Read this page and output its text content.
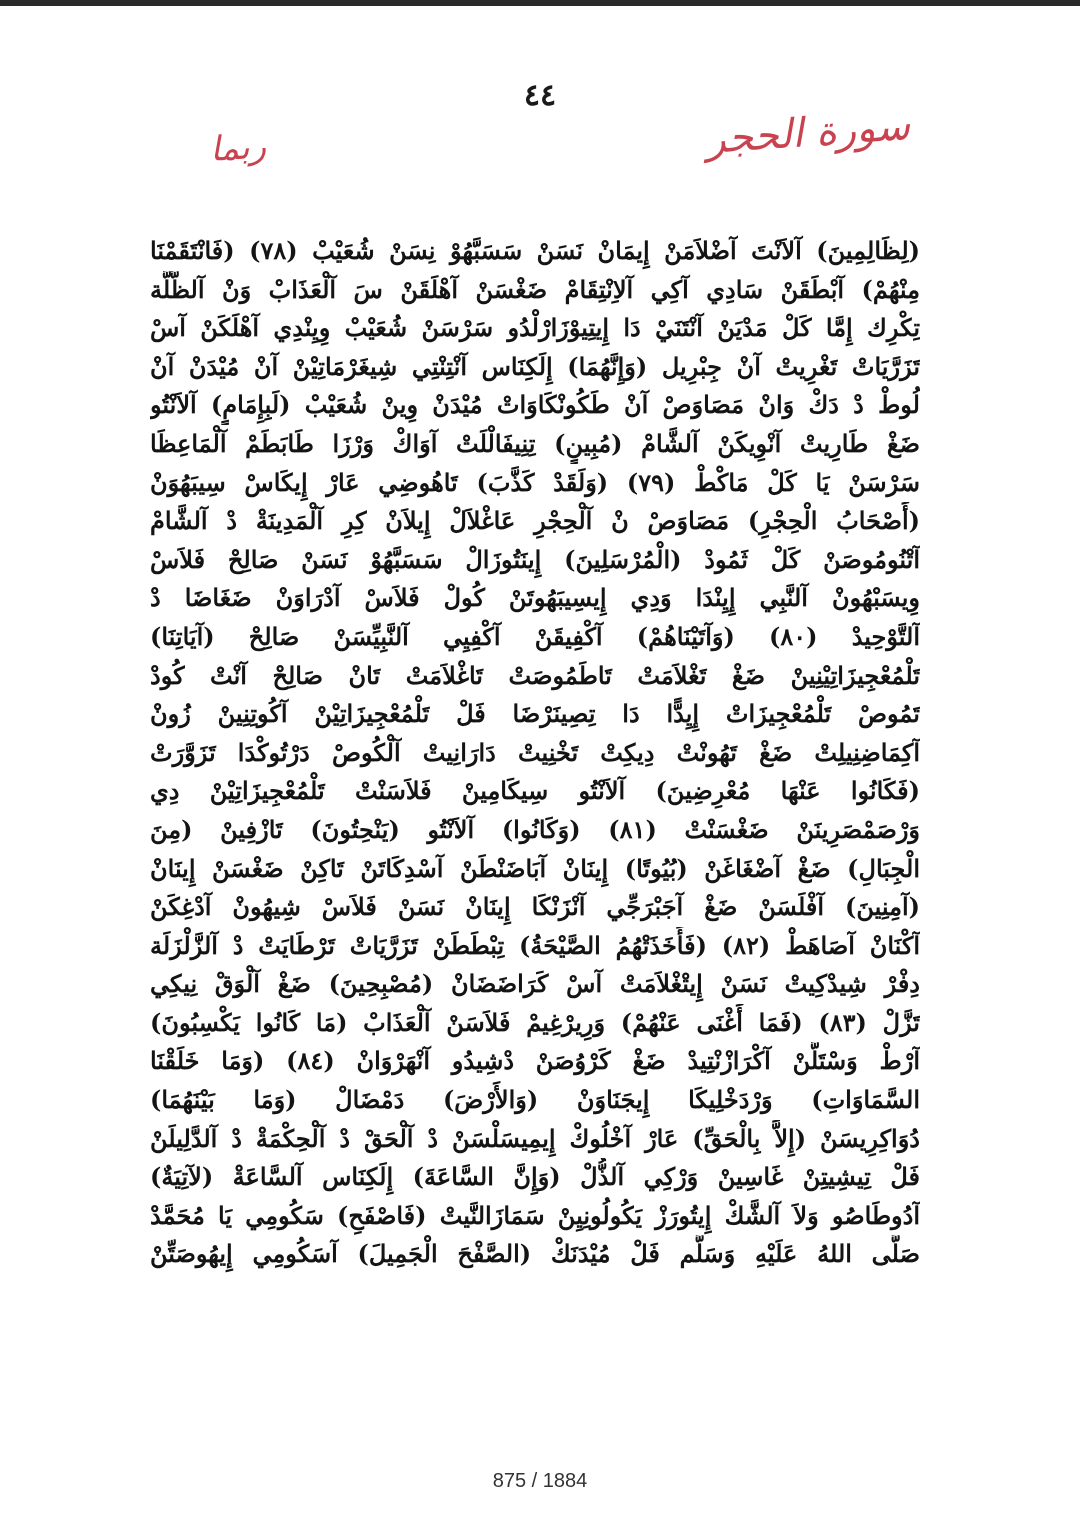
٤٤
سورة الحجر
ربما
(لِظَالِمِينَ) آلاَنْتَ آضْلاَمَنْ إِيمَانْ نَسَنْ سَسَبَّهُوْ نِسَنْ شُعَيْبْ (٧٨) (فَانْتَقَمْنَا
مِنْهُمْ) آبْطَقَنْ سَادِي آكِي آلاِنْتِقَامْ ضَغْسَنْ آهْلَقَنْ سَ آلْعَذَابْ وَنْ آلظُّلَّة
تِكْرِك إِمَّا كَلْ مَدْيَنْ آنْتَنَيْ دَا إِيتِيوْزَارْلْدُو سَرْسَنْ شُعَيْبْ وِيِنْدِي آهْلَكَنْ آسْ
تَزَرَّيَاتْ تَغْرِيتْ آنْ جِبْرِيل (وَإِنَّهُمَا) إِلَكِنَاس آنْتِنْتِي شِيغَرْمَاتِيْنْ آنْ مُيْدَنْ آنْ
لُوطْ دْ دَكْ وَانْ مَصَاوَصْ آنْ طَكُونْكَاوَاتْ مُيْدَنْ وِينْ شُعَيْبْ (لَبِإِمَامٍ) آلاَنْتُو
ضَغْ طَارِيتْ آنْوِيكَنْ آلشَّامْ (مُبِينٍ) تِنِيفَالْلَتْ آوَاكْ وَرْزَا طَابَطَمْ آلْمَاعِظَا
سَرْسَنْ يَا كَلْ مَاكْطْ (٧٩) (وَلَقَدْ كَذَّبَ) تَاهُوضِي عَارْ إِيكَاسْ سِيبَهُوَنْ
(أَصْحَابُ الْحِجْرِ) مَصَاوَصْ نْ آلْحِجْرِ عَاغْلاَلْ إِيلاَنْ كِرِ آلْمَدِينَةْ دْ آلشَّامْ
آتْنُومُوصَنْ كَلْ ثَمُودْ (الْمُرْسَلِينَ) إِينَتُوزَالْ سَسَبَّهُوْ نَسَنْ صَالِحْ فَلاَسْ
وِيسَبْهُونْ آلنَّبِي إِيِنْدَا وَدِي إِيسِيبَهُوتَنْ كُولْ فَلاَسْ آدْرَاوَنْ ضَغَاضَا دْ
آلتَّوْحِيدْ (٨٠) (وَآتَيْنَاهُمْ) آكْفِيقَنْ آكْفِيِي آلنَّبِيِّسَنْ صَالِحْ (آيَاتِنَا)
تَلْمُعْجِيزَاتِيْنِينْ ضَغْ تَغْلاَمَتْ تَاطَمُوصَتْ تَاغْلاَمَتْ تَانْ صَالِحْ آنْتْ كُودْ
تَمُوصْ تَلْمُعْجِيزَاتْ إِيِدًّا دَا تِصِينَرْضَا فَلْ تَلْمُعْجِيزَاتِيْنْ آكُوتِنِينْ زُونْ
آكِمَاضِنِيلِتْ ضَغْ تَهُونْتْ دِيكِتْ تَخْنِيتْ دَارَانِيتْ آلْكُوصْ دَرْتُوكْدَا تَزَوَّرَتْ
(فَكَانُوا عَنْهَا مُعْرِضِينَ) آلاَنْتُو سِيكَامِينْ فَلاَسَنْتْ تَلْمُعْجِيزَاتِيْنْ دِي
وَرْصَمْصَرِينَنْ ضَغْسَنْتْ (٨١) (وَكَانُوا) آلاَنْتُو (يَنْحِتُونَ) تَازْفِينْ (مِنَ
الْجِبَالِ) ضَغْ آضْغَاغَنْ (بُيُوتًا) إِينَانْ آبَاضَنْطَنْ آسْدِكَاتَنْ تَاكِنْ ضَغْسَنْ إِينَانْ
(آمِنِينَ) آفْلَسَنْ ضَغْ آجَبْرَجِّي آنْزَنْكَا إِينَانْ نَسَنْ فَلاَسْ شِيهُونْ آدْغِكَنْ
آكْنَانْ آصَاهَطْ (٨٢) (فَأَخَذَتْهُمُ الصَّيْحَةُ) تِبْطَطَنْ تَزَرَّيَاتْ تَرْطَايَتْ دْ آلزَّلْزَلَة
دِفْرْ شِيدْكِيتْ نَسَنْ إِيتْغْلاَمَتْ آسْ كَرَاضَضَانْ (مُصْبِحِينَ) ضَغْ آلْوَقْ نِيكِي
تَزَّلْ (٨٣) (فَمَا أَغْنَى عَنْهُمْ) وَرِيرْغِيمْ فَلاَسَنْ آلْعَذَابْ (مَا كَانُوا يَكْسِبُونَ)
آرْطْ وَسْتَلَّنْ آكْرَازْنْتِيدْ ضَغْ كَرْوُصَنْ دْشِيدُو آنْهَرْوَانْ (٨٤) (وَمَا خَلَقْنَا
السَّمَاوَاتِ) وَرْدَخْلِيكَا إِيجَنَاوَنْ (وَالأَرْضَ) دَمْضَالْ (وَمَا بَيْنَهُمَا)
دُوَاكِرِيسَنْ (إِلاَّ بِالْحَقِّ) عَارْ آخْلُوكْ إِيمِيسَلْسَنْ دْ آلْحَقْ دْ آلْحِكْمَةْ دْ آلدَّلِيلَنْ
فَلْ تِيشِيتِنْ غَاسِينْ وَرْكِي آلذُّلْ (وَإِنَّ السَّاعَةَ) إِلَكِنَاس آلسَّاعَةْ (لآتِيَةٌ)
آدُوطَاصُو وَلاَ آلشَّكْ إِيتُورَزْ يَكُولُونِيِنْ سَمَازَالنَّيتْ (فَاصْفَحِ) سَكُومِي يَا مُحَمَّدْ
صَلَّى اللهُ عَلَيْهِ وَسَلَّم فَلْ مُيْدَنَكْ (الصَّفْحَ الْجَمِيلَ) آسَكُومِي إِيهُوصَتِّنْ
875 / 1884
